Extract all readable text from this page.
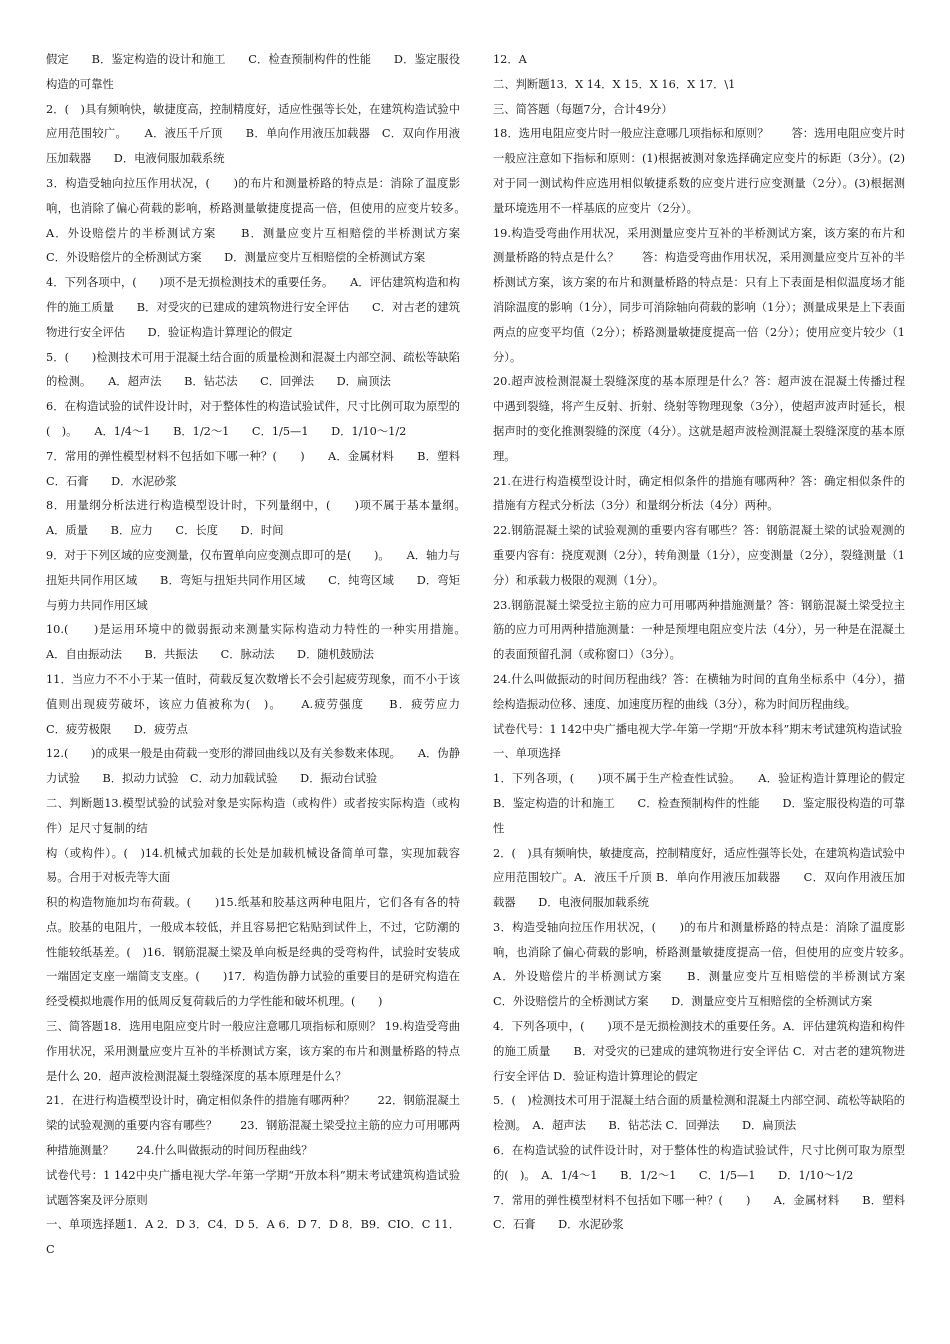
假定　　B．鉴定构造的设计和施工　　C．检查预制构件的性能　　D．鉴定服役构造的可靠性

2．(　)具有频响快，敏捷度高，控制精度好，适应性强等长处，在建筑构造试验中应用范围较广。　　A．液压千斤顶　　B．单向作用液压加载器　C．双向作用液压加载器　　D．电液伺服加载系统

3．构造受轴向拉压作用状况，(　　)的布片和测量桥路的特点是：消除了温度影响，也消除了偏心荷载的影响，桥路测量敏捷度提高一倍，但使用的应变片较多。　　A．外设赔偿片的半桥测试方案　　B．测量应变片互相赔偿的半桥测试方案　　C．外设赔偿片的全桥测试方案　　D．测量应变片互相赔偿的全桥测试方案

4．下列各项中，(　　)项不是无损检测技术的重要任务。　　A．评估建筑构造和构件的施工质量　　B．对受灾的已建成的建筑物进行安全评估　　C．对古老的建筑物进行安全评估　　D．验证构造计算理论的假定

5．(　　)检测技术可用于混凝土结合面的质量检测和混凝土内部空洞、疏松等缺陷的检测。　　A．超声法　　B．钻芯法　　C．回弹法　　D．扁顶法

6．在构造试验的试件设计时，对于整体性的构造试验试件，尺寸比例可取为原型的(　)。　　A．1/4～1　　B．1/2～1　　C．1/5—1　　D．1/10～1/2

7．常用的弹性模型材料不包括如下哪一种？(　　)　　A．金属材料　　B．塑料　　C．石膏　　D．水泥砂浆

8．用量纲分析法进行构造模型设计时，下列量纲中，(　　)项不属于基本量纲。　　A．质量　　B．应力　　C．长度　　D．时间

9．对于下列区域的应变测量，仅布置单向应变测点即可的是(　　)。　　A．轴力与扭矩共同作用区域　　B．弯矩与扭矩共同作用区域　　C．纯弯区域　　D．弯矩与剪力共同作用区域

10.(　　)是运用环境中的微弱振动来测量实际构造动力特性的一种实用措施。　　A．自由振动法　　B．共振法　　C．脉动法　　D．随机鼓励法

11．当应力不不小于某一值时，荷载反复次数增长不会引起疲劳现象，而不小于该值则出现疲劳破坏，该应力值被称为(　)。　　A.疲劳强度　　B．疲劳应力　　C．疲劳极限　　D．疲劳点

12.(　　)的成果一般是由荷载一变形的滞回曲线以及有关参数来体现。　　A．伪静力试验　　B．拟动力试验　C．动力加载试验　　D．振动台试验

二、判断题13.模型试验的试验对象是实际构造（或构件）或者按实际构造（或构件）足尺寸复制的结

构（或构件）。(　)14.机械式加载的长处是加载机械设备简单可靠，实现加载容易。合用于对板壳等大面

积的构造物施加均布荷载。(　　)15.纸基和胶基这两种电阻片，它们各有各的特点。胶基的电阻片，一般成本较低，并且容易把它粘贴到试件上，不过，它防潮的性能较纸基差。(　)16．钢筋混凝土梁及单向板是经典的受弯构件，试验时安装成一端固定支座一端简支支座。(　　)17．构造伪静力试验的重要目的是研究构造在经受模拟地震作用的低周反复荷载后的力学性能和破坏机理。(　　)

三、简答题18．选用电阻应变片时一般应注意哪几项指标和原则？ 19.构造受弯曲作用状况，采用测量应变片互补的半桥测试方案，该方案的布片和测量桥路的特点是什么 20．超声波检测混凝土裂缝深度的基本原理是什么？

21．在进行构造模型设计时，确定相似条件的措施有哪两种？　　22．钢筋混凝土梁的试验观测的重要内容有哪些？　　23．钢筋混凝土梁受拉主筋的应力可用哪两种措施测量？　　24.什么叫做振动的时间历程曲线？

试卷代号：1 142中央广播电视大学-年第一学期“开放本科”期末考试建筑构造试验试题答案及评分原则

一、单项选择题1．A 2．D 3．C4．D 5．A 6．D 7．D 8．B9．CIO．C 11．C

12．A

二、判断题13．X 14．X 15．X 16．X 17．\1

三、简答题（每题7分，合计49分）

18．选用电阻应变片时一般应注意哪几项指标和原则？　　答：选用电阻应变片时一般应注意如下指标和原则：(1)根据被测对象选择确定应变片的标距（3分）。(2)对于同一测试构件应选用相似敏捷系数的应变片进行应变测量（2分）。(3)根据测量环境选用不一样基底的应变片（2分）。

19.构造受弯曲作用状况，采用测量应变片互补的半桥测试方案，该方案的布片和测量桥路的特点是什么？　　答：构造受弯曲作用状况，采用测量应变片互补的半桥测试方案，该方案的布片和测量桥路的特点是：只有上下表面是相似温度场才能消除温度的影响（1分），同步可消除轴向荷载的影响（1分）；测量成果是上下表面两点的应变平均值（2分）；桥路测量敏捷度提高一倍（2分）；使用应变片较少（1分）。

20.超声波检测混凝土裂缝深度的基本原理是什么？答：超声波在混凝土传播过程中遇到裂缝，将产生反射、折射、绕射等物理现象（3分），使超声波声时延长，根据声时的变化推测裂缝的深度（4分）。这就是超声波检测混凝土裂缝深度的基本原理。

21.在进行构造模型设计时，确定相似条件的措施有哪两种？答：确定相似条件的措施有方程式分析法（3分）和量纲分析法（4分）两种。

22.钢筋混凝土梁的试验观测的重要内容有哪些？答：钢筋混凝土梁的试验观测的重要内容有：挠度观测（2分），转角测量（1分），应变测量（2分），裂缝测量（1分）和承载力极限的观测（1分）。

23.钢筋混凝土梁受拉主筋的应力可用哪两种措施测量？答：钢筋混凝土梁受拉主筋的应力可用两种措施测量：一种是预埋电阻应变片法（4分），另一种是在混凝土的表面预留孔洞（或称窗口）（3分）。

24.什么叫做振动的时间历程曲线？答：在横轴为时间的直角坐标系中（4分），描绘构造振动位移、速度、加速度历程的曲线（3分），称为时间历程曲线。

试卷代号：1 142中央广播电视大学-年第一学期“开放本科”期末考试建筑构造试验

一、单项选择

1．下列各项，(　　)项不属于生产检查性试验。　　A．验证构造计算理论的假定　　B．鉴定构造的计和施工　　C．检查预制构件的性能　　D．鉴定服役构造的可靠性

2．(　)具有频响快，敏捷度高，控制精度好，适应性强等长处，在建筑构造试验中应用范围较广。A．液压千斤顶 B．单向作用液压加载器　　C．双向作用液压加载器　　D．电液伺服加载系统

3．构造受轴向拉压作用状况，(　　)的布片和测量桥路的特点是：消除了温度影响，也消除了偏心荷载的影响，桥路测量敏捷度提高一倍，但使用的应变片较多。　　A．外设赔偿片的半桥测试方案　　B．测量应变片互相赔偿的半桥测试方案　　C．外设赔偿片的全桥测试方案　　D．测量应变片互相赔偿的全桥测试方案

4．下列各项中，(　　)项不是无损检测技术的重要任务。A．评估建筑构造和构件的施工质量　　B．对受灾的已建成的建筑物进行安全评估 C．对古老的建筑物进行安全评估 D．验证构造计算理论的假定

5．(　)检测技术可用于混凝土结合面的质量检测和混凝土内部空洞、疏松等缺陷的检测。　A．超声法　　B．钻芯法 C．回弹法　　D．扁顶法

6．在构造试验的试件设计时，对于整体性的构造试验试件，尺寸比例可取为原型的(　)。　A．1/4～1　　B．1/2～1　　C．1/5—1　　D．1/10～1/2

7．常用的弹性模型材料不包括如下哪一种？(　　)　　A．金属材料　　B．塑料　　C．石膏　　D．水泥砂浆
